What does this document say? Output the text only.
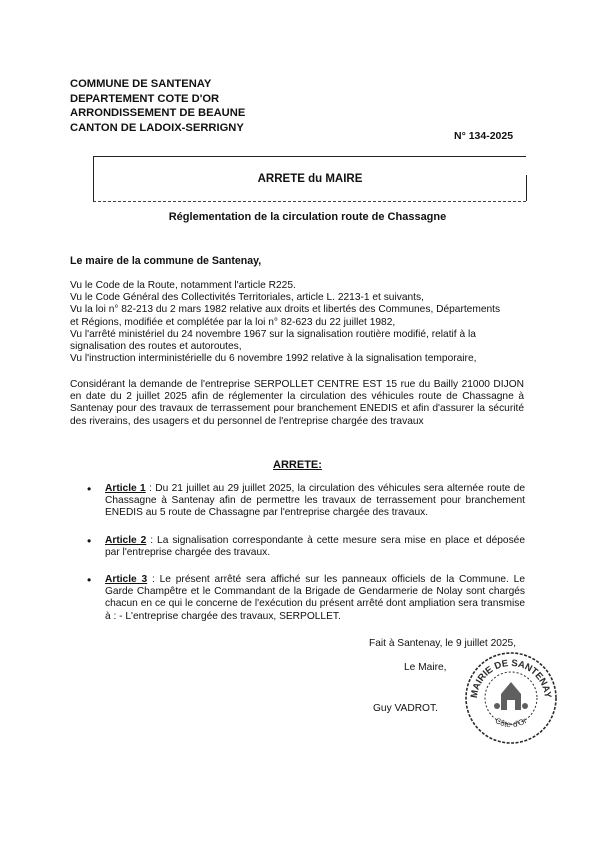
COMMUNE DE SANTENAY
DEPARTEMENT COTE D'OR
ARRONDISSEMENT DE BEAUNE
CANTON DE LADOIX-SERRIGNY
N° 134-2025
ARRETE du MAIRE
Réglementation de la circulation route de Chassagne
Le maire de la commune de Santenay,
Vu le Code de la Route, notamment l'article R225.
Vu le Code Général des Collectivités Territoriales, article L. 2213-1 et suivants,
Vu la loi n° 82-213 du 2 mars 1982 relative aux droits et libertés des Communes, Départements
et Régions, modifiée et complétée par la loi n° 82-623 du 22 juillet 1982,
Vu l'arrêté ministériel du 24 novembre 1967 sur la signalisation routière modifié, relatif à la
signalisation des routes et autoroutes,
Vu l'instruction interministérielle du 6 novembre 1992 relative à la signalisation temporaire,
Considérant la demande de l'entreprise SERPOLLET CENTRE EST 15 rue du Bailly 21000 DIJON en date du 2 juillet 2025 afin de réglementer la circulation des véhicules route de Chassagne à Santenay pour des travaux de terrassement pour branchement ENEDIS et afin d'assurer la sécurité des riverains, des usagers et du personnel de l'entreprise chargée des travaux
ARRETE:
• Article 1 : Du 21 juillet au 29 juillet 2025, la circulation des véhicules sera alternée route de Chassagne à Santenay afin de permettre les travaux de terrassement pour branchement ENEDIS au 5 route de Chassagne par l'entreprise chargée des travaux.
• Article 2 : La signalisation correspondante à cette mesure sera mise en place et déposée par l'entreprise chargée des travaux.
• Article 3 : Le présent arrêté sera affiché sur les panneaux officiels de la Commune. Le Garde Champêtre et le Commandant de la Brigade de Gendarmerie de Nolay sont chargés chacun en ce qui le concerne de l'exécution du présent arrêté dont ampliation sera transmise à : - L'entreprise chargée des travaux, SERPOLLET.
Fait à Santenay, le 9 juillet 2025,
Le Maire,
MAIRIE DE SANTENAY
Côte-d'Or
Guy VADROT.
